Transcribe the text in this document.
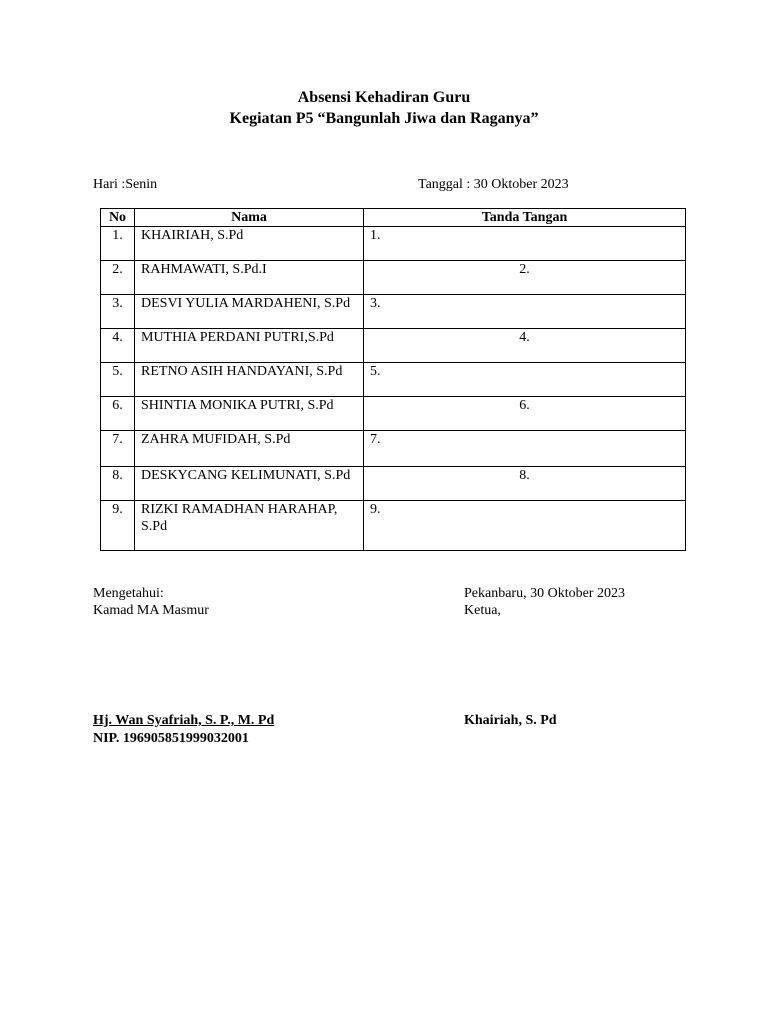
Absensi Kehadiran Guru
Kegiatan P5 “Bangunlah Jiwa dan Raganya”
Hari :Senin	Tanggal : 30 Oktober 2023
No	Nama	Tanda Tangan
1.	KHAIRIAH, S.Pd	1.
2.	RAHMAWATI, S.Pd.I	2.
3.	DESVI YULIA MARDAHENI, S.Pd	3.
4.	MUTHIA PERDANI PUTRI,S.Pd	4.
5.	RETNO ASIH HANDAYANI, S.Pd	5.
6.	SHINTIA MONIKA PUTRI, S.Pd	6.
7.	ZAHRA MUFIDAH, S.Pd	7.
8.	DESKYCANG KELIMUNATI, S.Pd	8.
9.	RIZKI RAMADHAN HARAHAP, S.Pd	9.
Mengetahui:
Kamad MA Masmur
Pekanbaru, 30 Oktober 2023
Ketua,
Hj. Wan Syafriah, S. P., M. Pd
NIP. 196905851999032001
Khairiah, S. Pd
